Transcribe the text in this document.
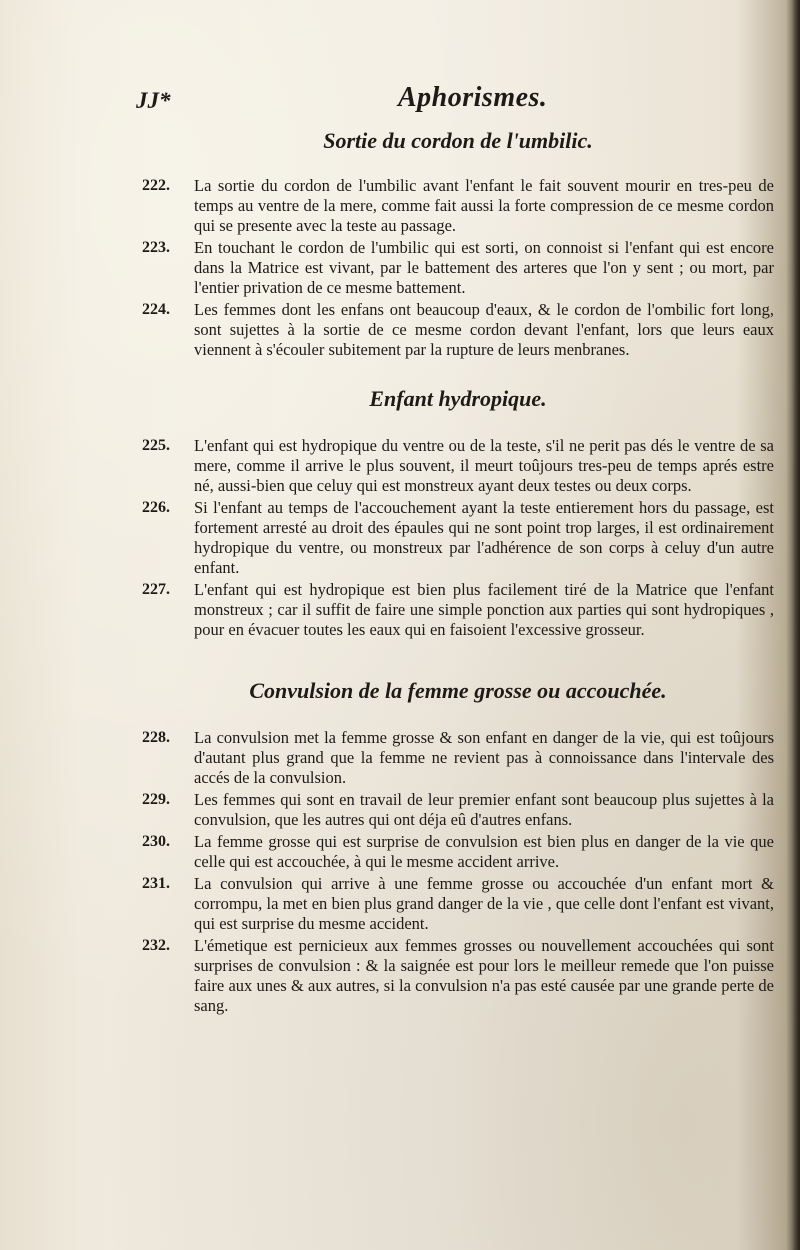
JJ*	Aphorismes.
Sortie du cordon de l'umbilic.
222. La sortie du cordon de l'umbilic avant l'enfant le fait souvent mourir en tres-peu de temps au ventre de la mere, comme fait aussi la forte compression de ce mesme cordon qui se presente avec la teste au passage.
223. En touchant le cordon de l'umbilic qui est sorti, on connoist si l'enfant qui est encore dans la Matrice est vivant, par le battement des arteres que l'on y sent ; ou mort, par l'entier privation de ce mesme battement.
224. Les femmes dont les enfans ont beaucoup d'eaux, & le cordon de l'ombilic fort long, sont sujettes à la sortie de ce mesme cordon devant l'enfant, lors que leurs eaux viennent à s'écouler subitement par la rupture de leurs menbranes.
Enfant hydropique.
225. L'enfant qui est hydropique du ventre ou de la teste, s'il ne perit pas dés le ventre de sa mere, comme il arrive le plus souvent, il meurt toûjours tres-peu de temps aprés estre né, aussi-bien que celuy qui est monstreux ayant deux testes ou deux corps.
226. Si l'enfant au temps de l'accouchement ayant la teste entierement hors du passage, est fortement arresté au droit des épaules qui ne sont point trop larges, il est ordinairement hydropique du ventre, ou monstreux par l'adhérence de son corps à celuy d'un autre enfant.
227. L'enfant qui est hydropique est bien plus facilement tiré de la Matrice que l'enfant monstreux ; car il suffit de faire une simple ponction aux parties qui sont hydropiques , pour en évacuer toutes les eaux qui en faisoient l'excessive grosseur.
Convulsion de la femme grosse ou accouchée.
228. La convulsion met la femme grosse & son enfant en danger de la vie, qui est toûjours d'autant plus grand que la femme ne revient pas à connoissance dans l'intervale des accés de la convulsion.
229. Les femmes qui sont en travail de leur premier enfant sont beaucoup plus sujettes à la convulsion, que les autres qui ont déja eû d'autres enfans.
230. La femme grosse qui est surprise de convulsion est bien plus en danger de la vie que celle qui est accouchée, à qui le mesme accident arrive.
231. La convulsion qui arrive à une femme grosse ou accouchée d'un enfant mort & corrompu, la met en bien plus grand danger de la vie , que celle dont l'enfant est vivant, qui est surprise du mesme accident.
232. L'émetique est pernicieux aux femmes grosses ou nouvellement accouchées qui sont surprises de convulsion : & la saignée est pour lors le meilleur remede que l'on puisse faire aux unes & aux autres, si la convulsion n'a pas esté causée par une grande perte de sang.
